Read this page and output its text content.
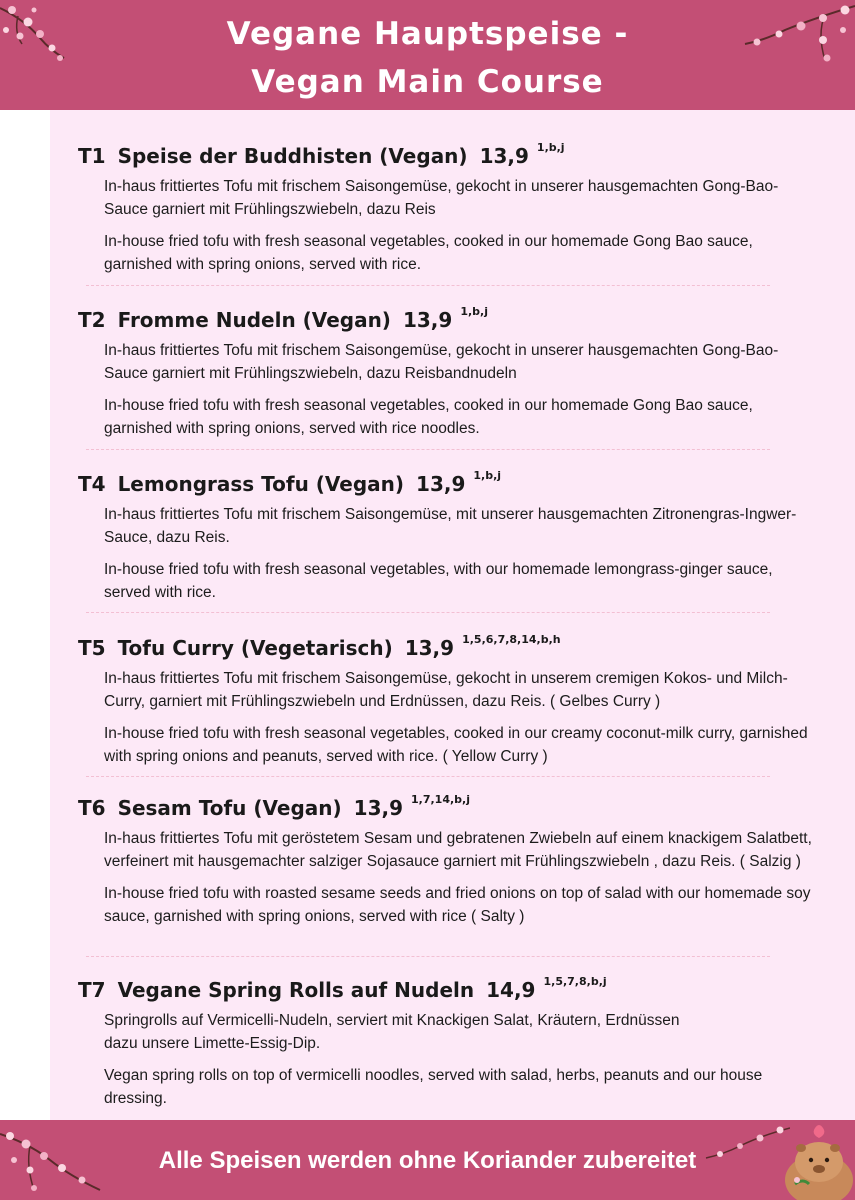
Vegane Hauptspeise -
Vegan Main Course

T1 Speise der Buddhisten (Vegan) 13,9 $^{1,b,j}$

In-haus frittiertes Tofu mit frischem Saisongemüse, gekocht in unserer hausgemachten Gong-Bao-Sauce garniert mit Frühlingszwiebeln, dazu Reis

In-house fried tofu with fresh seasonal vegetables, cooked in our homemade Gong Bao sauce, garnished with spring onions, served with rice.

T2 Fromme Nudeln (Vegan) 13,9 $^{1,b,j}$

In-haus frittiertes Tofu mit frischem Saisongemüse, gekocht in unserer hausgemachten Gong-Bao-Sauce garniert mit Frühlingszwiebeln, dazu Reisbandnudeln

In-house fried tofu with fresh seasonal vegetables, cooked in our homemade Gong Bao sauce, garnished with spring onions, served with rice noodles.

T4 Lemongrass Tofu (Vegan) 13,9 $^{1,b,j}$

In-haus frittiertes Tofu mit frischem Saisongemüse, mit unserer hausgemachten Zitronengras-Ingwer-Sauce, dazu Reis.

In-house fried tofu with fresh seasonal vegetables, with our homemade lemongrass-ginger sauce, served with rice.

T5 Tofu Curry (Vegetarisch) 13,9 $^{1,5,6,7,8,14,b,h}$

In-haus frittiertes Tofu mit frischem Saisongemüse, gekocht in unserem cremigen Kokos- und Milch-Curry, garniert mit Frühlingszwiebeln und Erdnüssen, dazu Reis. ( Gelbes Curry )

In-house fried tofu with fresh seasonal vegetables, cooked in our creamy coconut-milk curry, garnished with spring onions and peanuts, served with rice. ( Yellow Curry )

T6 Sesam Tofu (Vegan) 13,9 $^{1,7,14,b,j}$

In-haus frittiertes Tofu mit geröstetem Sesam und gebratenen Zwiebeln auf einem knackigem Salatbett, verfeinert mit hausgemachter salziger Sojasauce garniert mit Frühlingszwiebeln , dazu Reis. ( Salzig )

In-house fried tofu with roasted sesame seeds and fried onions on top of salad with our homemade soy sauce, garnished with spring onions, served with rice ( Salty )

T7 Vegane Spring Rolls auf Nudeln 14,9 $^{1,5,7,8,b,j}$

Springrolls auf Vermicelli-Nudeln, serviert mit Knackigen Salat, Kräutern, Erdnüssen dazu unsere Limette-Essig-Dip.

Vegan spring rolls on top of vermicelli noodles, served with salad, herbs, peanuts and our house dressing.

Alle Speisen werden ohne Koriander zubereitet
